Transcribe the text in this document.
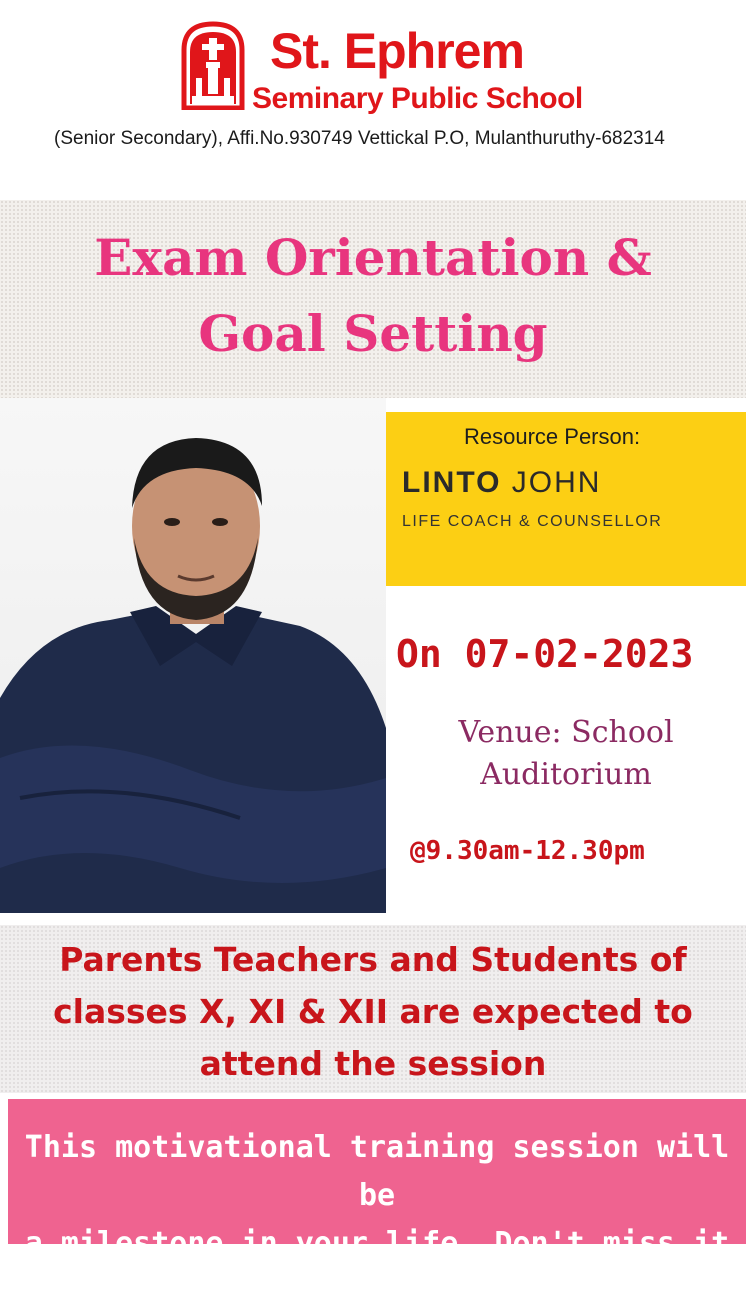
St. Ephrem
Seminary Public School
(Senior Secondary), Affi.No.930749 Vettickal P.O, Mulanthuruthy-682314
Exam Orientation &
Goal Setting
Resource Person:
LINTO JOHN
LIFE COACH & COUNSELLOR
On 07-02-2023
Venue: School
Auditorium
@9.30am-12.30pm
Parents Teachers and Students of
classes X, XI & XII are expected to
attend the session
This motivational training session will be
a milestone in your life. Don't miss it !!
